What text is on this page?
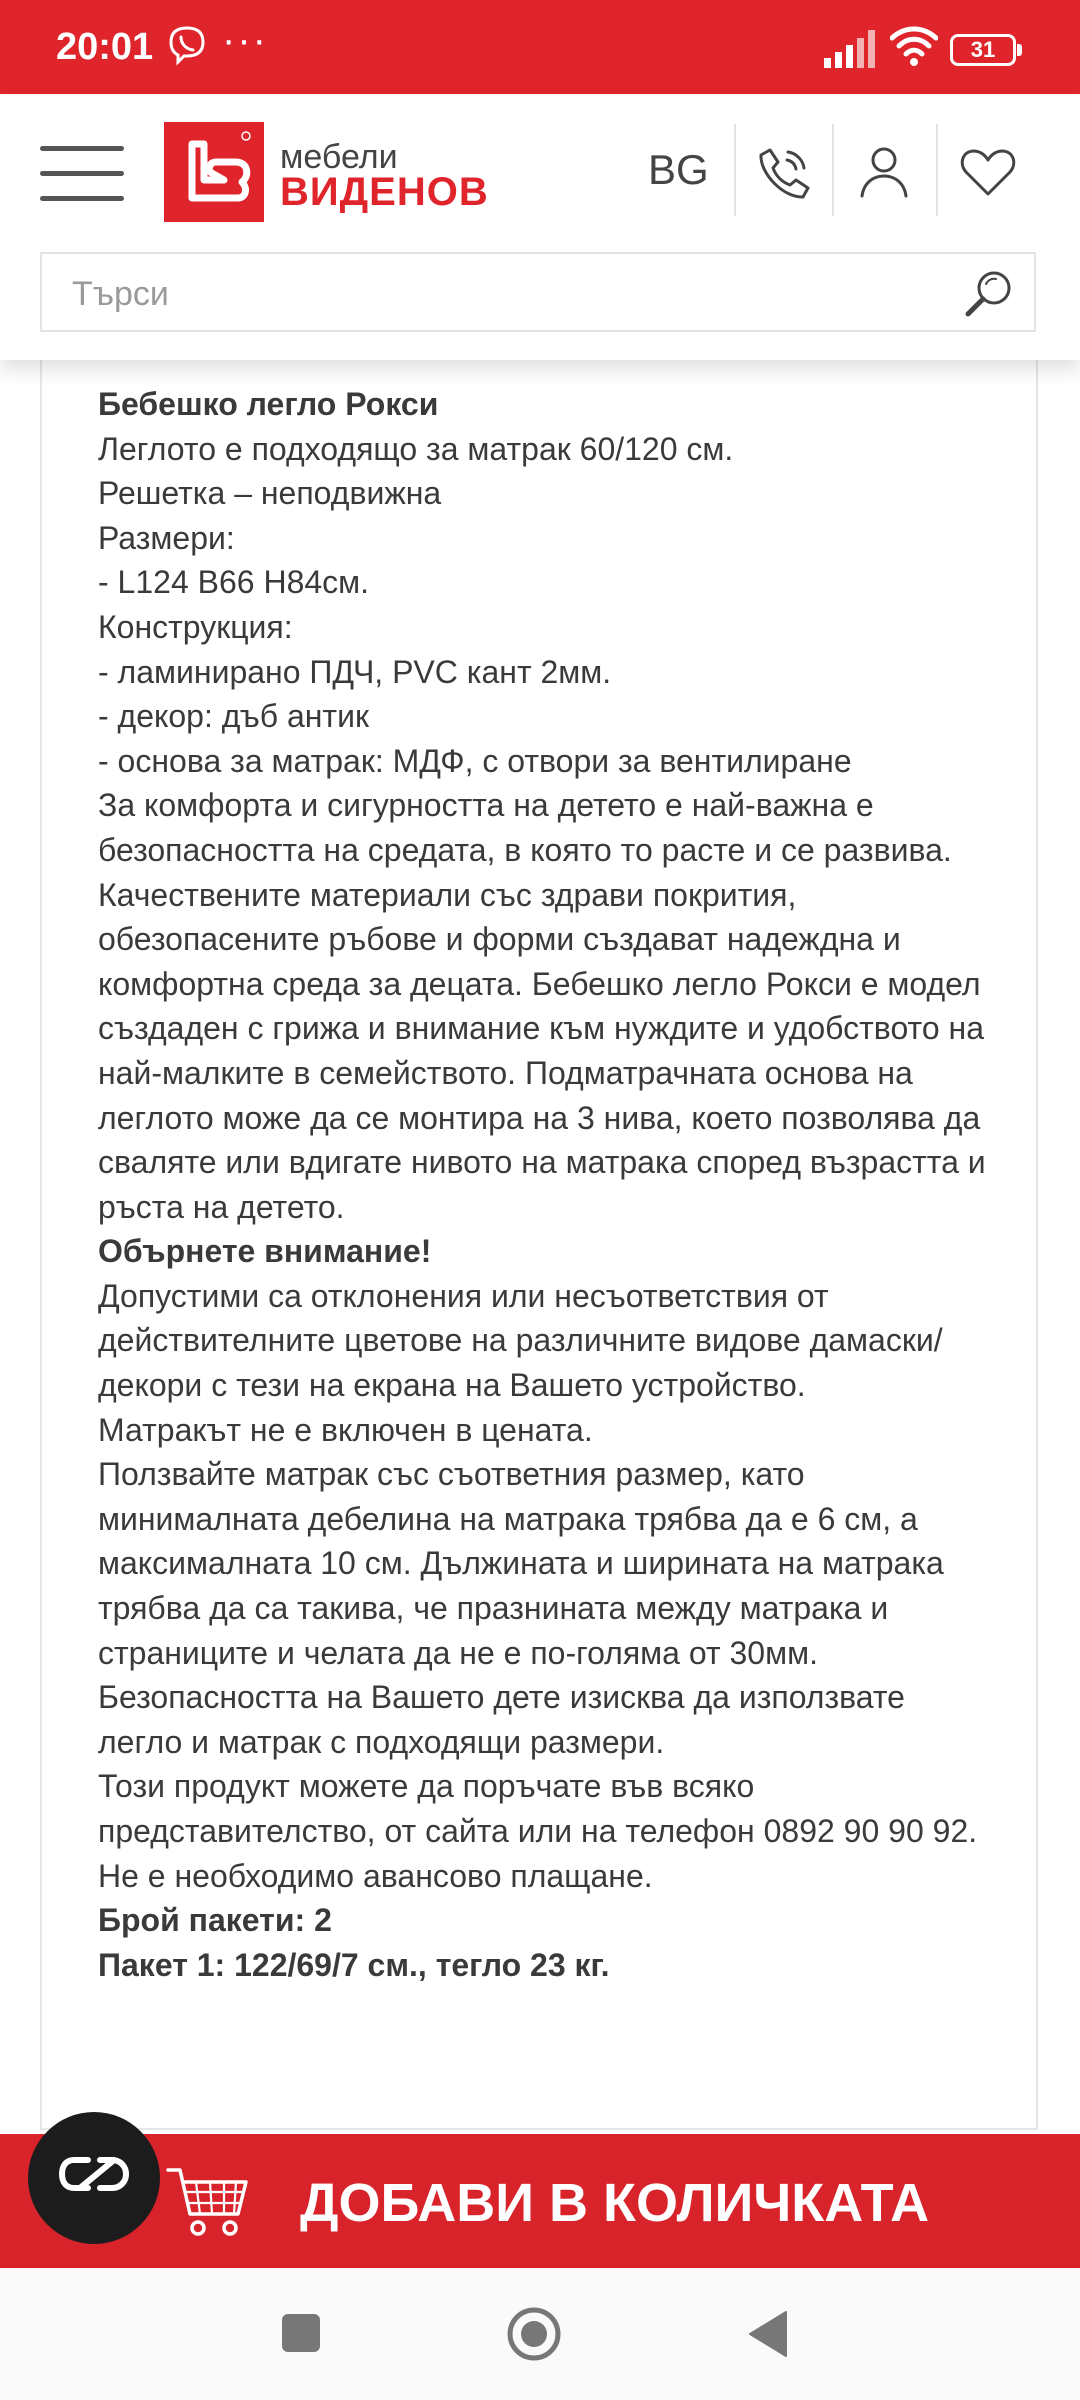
20:01 ···	31
мебели
ВИДЕНОВ	BG
Търси

Бебешко легло Рокси

Леглото е подходящо за матрак 60/120 см.

Решетка – неподвижна

Размери:

- L124 B66 H84см.

Конструкция:

- ламинирано ПДЧ, PVC кант 2мм.

- декор: дъб антик

- основа за матрак: МДФ, с отвори за вентилиране

За комфорта и сигурността на детето е най-важна е безопасността на средата, в която то расте и се развива. Качествените материали със здрави покрития, обезопасените ръбове и форми създават надеждна и комфортна среда за децата. Бебешко легло Рокси е модел създаден с грижа и внимание към нуждите и удобството на най-малките в семейството. Подматрачната основа на леглото може да се монтира на 3 нива, което позволява да сваляте или вдигате нивото на матрака според възрастта и ръста на детето.

Обърнете внимание!

Допустими са отклонения или несъответствия от действителните цветове на различните видове дамаски/декори с тези на екрана на Вашето устройство.

Матракът не е включен в цената.

Ползвайте матрак със съответния размер, като минималната дебелина на матрака трябва да е 6 см, а максималната 10 см. Дължината и ширината на матрака трябва да са такива, че празнината между матрака и страниците и челата да не е по-голяма от 30мм.

Безопасността на Вашето дете изисква да използвате легло и матрак с подходящи размери.

Този продукт можете да поръчате във всяко представителство, от сайта или на телефон 0892 90 90 92. Не е необходимо авансово плащане.

Брой пакети: 2

Пакет 1: 122/69/7 см., тегло 23 кг.

ДОБАВИ В КОЛИЧКАТА
